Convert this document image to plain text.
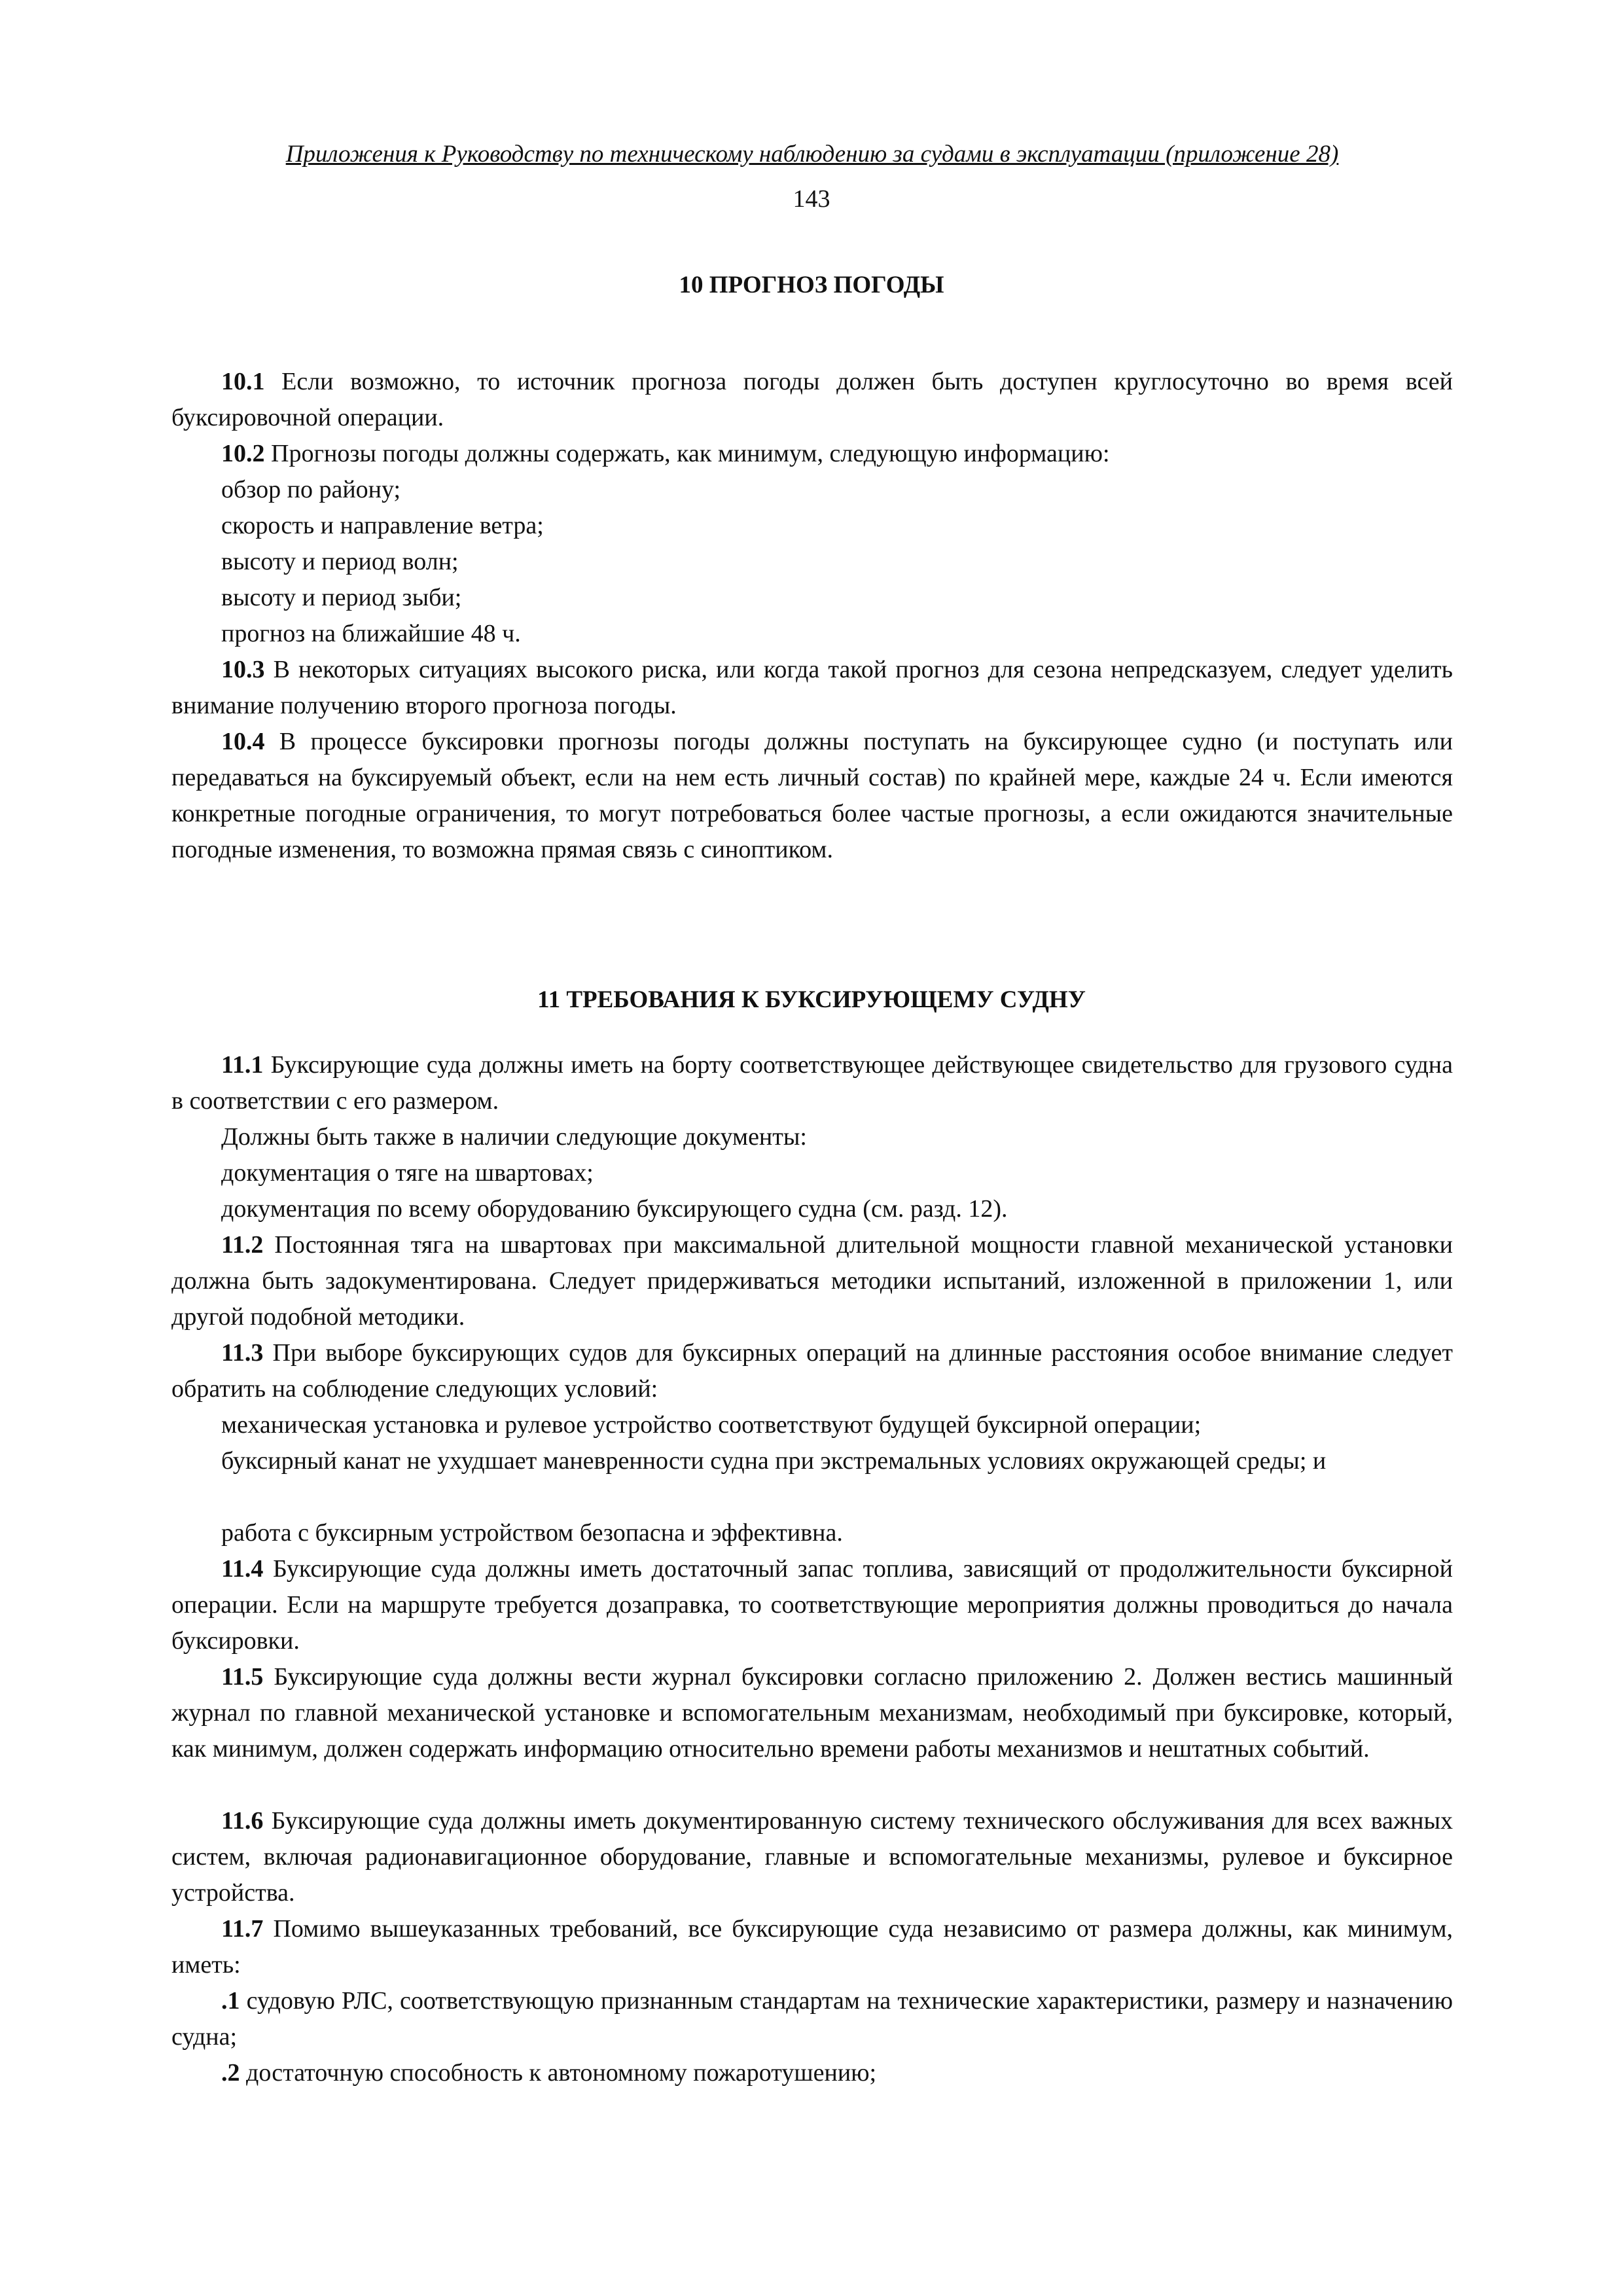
Приложения к Руководству по техническому наблюдению за судами в эксплуатации (приложение 28)
143
10 ПРОГНОЗ ПОГОДЫ

10.1 Если возможно, то источник прогноза погоды должен быть доступен круглосуточно во время всей буксировочной операции.

10.2 Прогнозы погоды должны содержать, как минимум, следующую информацию:

обзор по району;

скорость и направление ветра;

высоту и период волн;

высоту и период зыби;

прогноз на ближайшие 48 ч.

10.3 В некоторых ситуациях высокого риска, или когда такой прогноз для сезона непредсказуем, следует уделить внимание получению второго прогноза погоды.

10.4 В процессе буксировки прогнозы погоды должны поступать на буксирующее судно (и поступать или передаваться на буксируемый объект, если на нем есть личный состав) по крайней мере, каждые 24 ч. Если имеются конкретные погодные ограничения, то могут потребоваться более частые прогнозы, а если ожидаются значительные погодные изменения, то возможна прямая связь с синоптиком.

11 ТРЕБОВАНИЯ К БУКСИРУЮЩЕМУ СУДНУ

11.1 Буксирующие суда должны иметь на борту соответствующее действующее свидетельство для грузового судна в соответствии с его размером.

Должны быть также в наличии следующие документы:

документация о тяге на швартовах;

документация по всему оборудованию буксирующего судна (см. разд. 12).

11.2 Постоянная тяга на швартовах при максимальной длительной мощности главной механической установки должна быть задокументирована. Следует придерживаться методики испытаний, изложенной в приложении 1, или другой подобной методики.

11.3 При выборе буксирующих судов для буксирных операций на длинные расстояния особое внимание следует обратить на соблюдение следующих условий:

механическая установка и рулевое устройство соответствуют будущей буксирной операции;

буксирный канат не ухудшает маневренности судна при экстремальных условиях окружающей среды; и

работа с буксирным устройством безопасна и эффективна.

11.4 Буксирующие суда должны иметь достаточный запас топлива, зависящий от продолжительности буксирной операции. Если на маршруте требуется дозаправка, то соответствующие мероприятия должны проводиться до начала буксировки.

11.5 Буксирующие суда должны вести журнал буксировки согласно приложению 2. Должен вестись машинный журнал по главной механической установке и вспомогательным механизмам, необходимый при буксировке, который, как минимум, должен содержать информацию относительно времени работы механизмов и нештатных событий.

11.6 Буксирующие суда должны иметь документированную систему технического обслуживания для всех важных систем, включая радионавигационное оборудование, главные и вспомогательные механизмы, рулевое и буксирное устройства.

11.7 Помимо вышеуказанных требований, все буксирующие суда независимо от размера должны, как минимум, иметь:

.1 судовую РЛС, соответствующую признанным стандартам на технические характеристики, размеру и назначению судна;

.2 достаточную способность к автономному пожаротушению;
